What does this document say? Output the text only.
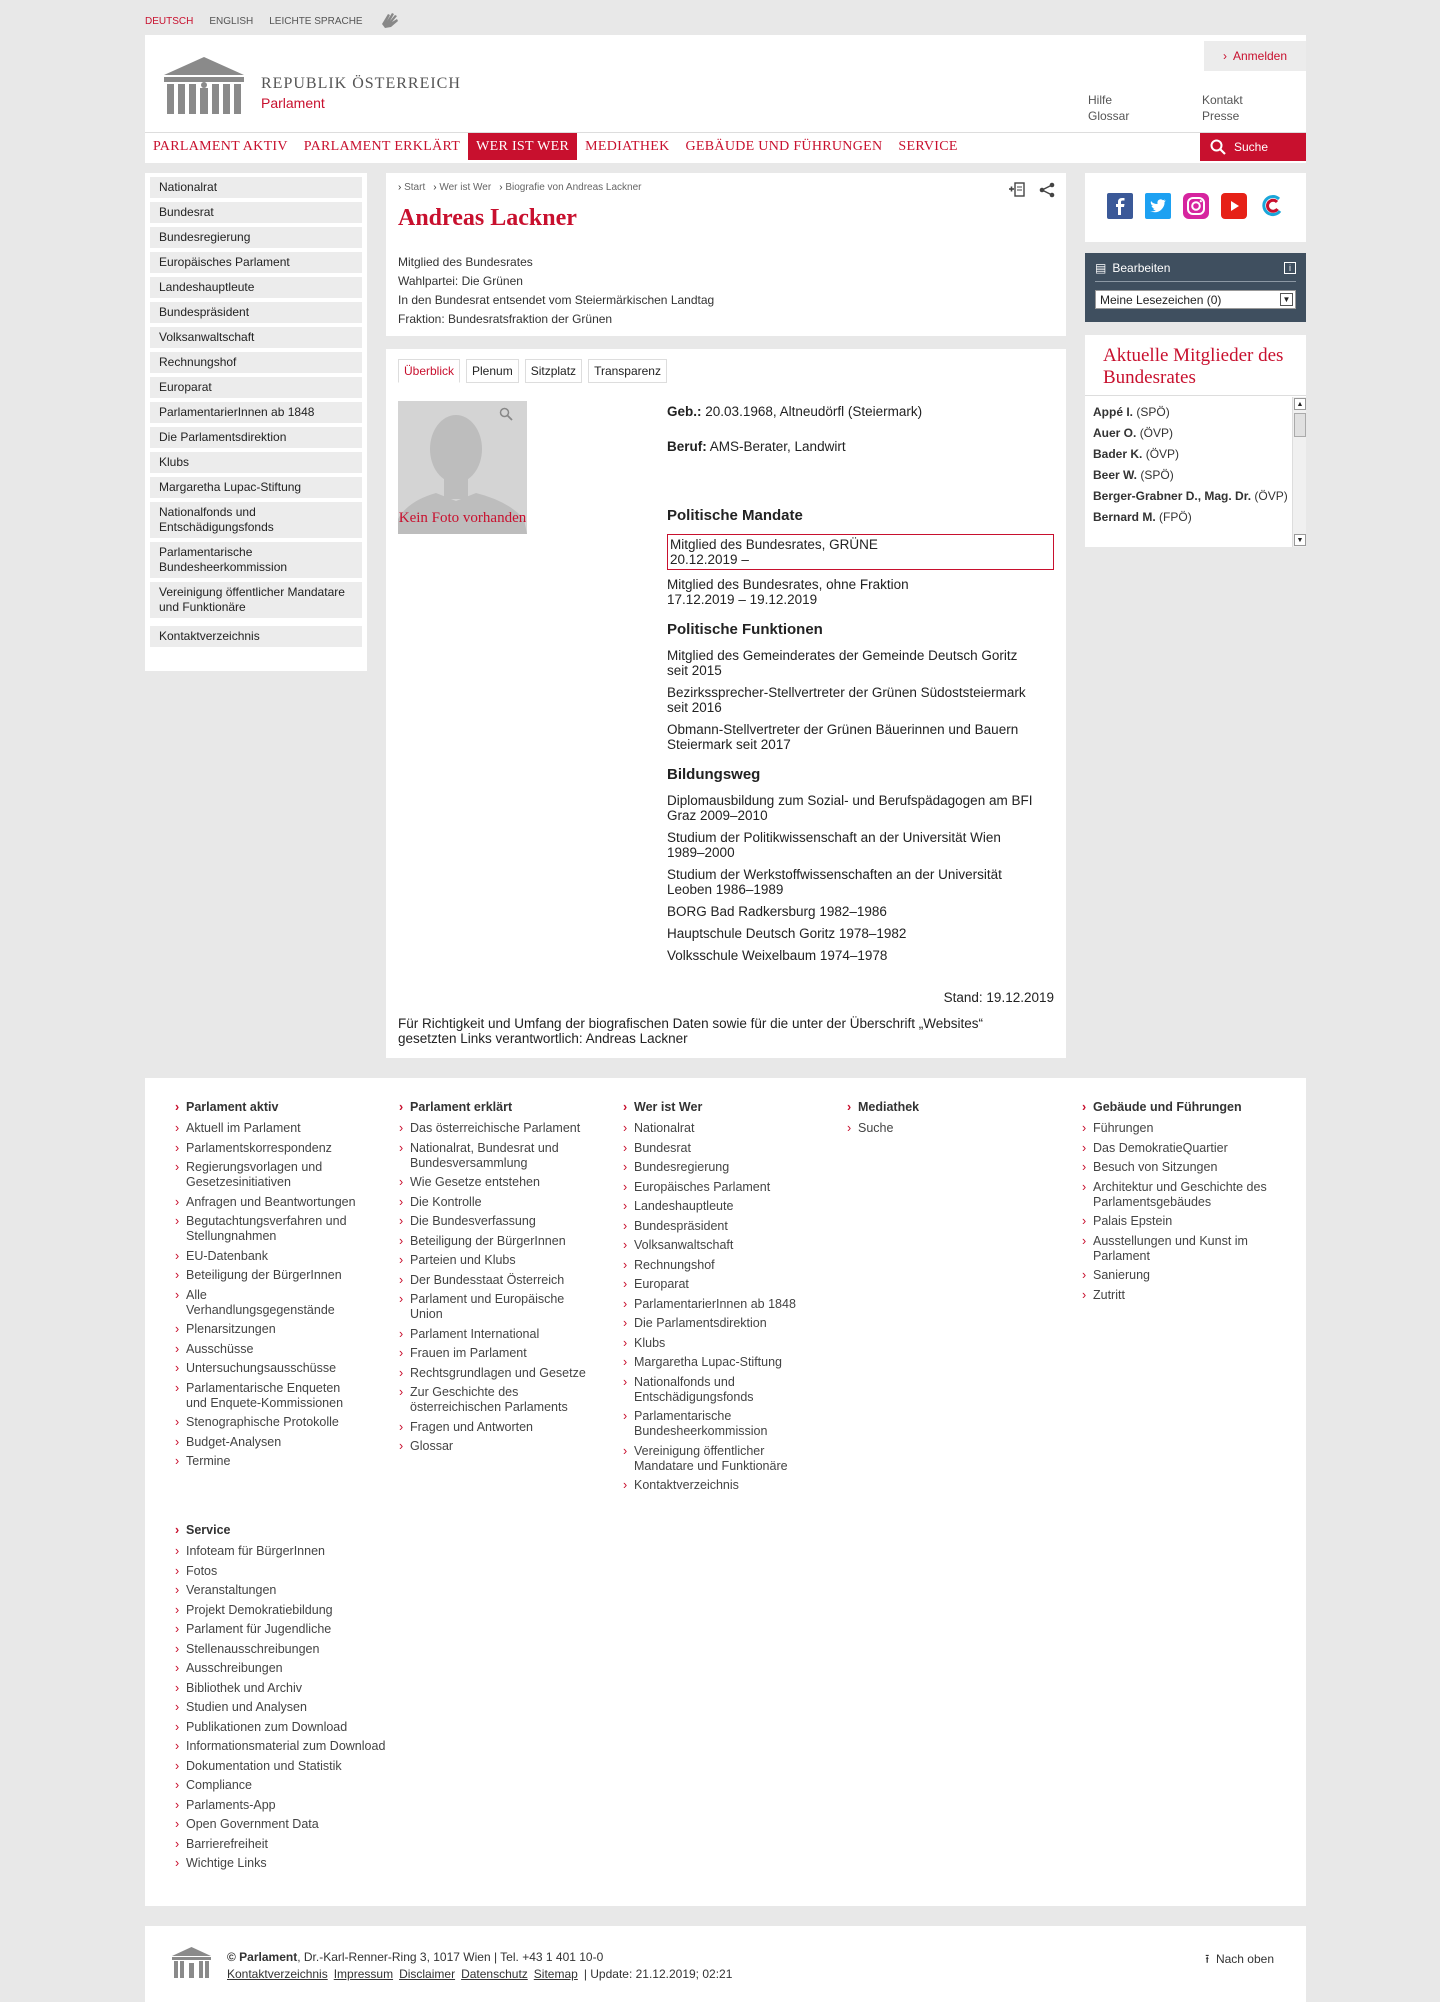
DEUTSCH ENGLISH LEICHTE SPRACHE
REPUBLIK ÖSTERREICH
Parlament
› Anmelden
Hilfe
Glossar
Kontakt
Presse
PARLAMENT AKTIV	PARLAMENT ERKLÄRT	WER IST WER	MEDIATHEK	GEBÄUDE UND FÜHRUNGEN	SERVICE	Suche
Nationalrat
Bundesrat
Bundesregierung
Europäisches Parlament
Landeshauptleute
Bundespräsident
Volksanwaltschaft
Rechnungshof
Europarat
ParlamentarierInnen ab 1848
Die Parlamentsdirektion
Klubs
Margaretha Lupac-Stiftung
Nationalfonds und Entschädigungsfonds
Parlamentarische Bundesheerkommission
Vereinigung öffentlicher Mandatare und Funktionäre
Kontaktverzeichnis
› Start	› Wer ist Wer	› Biografie von Andreas Lackner
Andreas Lackner
Mitglied des Bundesrates
Wahlpartei: Die Grünen
In den Bundesrat entsendet vom Steiermärkischen Landtag
Fraktion: Bundesratsfraktion der Grünen
Überblick	Plenum	Sitzplatz	Transparenz
Kein Foto vorhanden
Geb.: 20.03.1968, Altneudörfl (Steiermark)
Beruf: AMS-Berater, Landwirt
Politische Mandate
Mitglied des Bundesrates, GRÜNE
20.12.2019 –
Mitglied des Bundesrates, ohne Fraktion
17.12.2019 – 19.12.2019
Politische Funktionen
Mitglied des Gemeinderates der Gemeinde Deutsch Goritz
seit 2015
Bezirkssprecher-Stellvertreter der Grünen Südoststeiermark
seit 2016
Obmann-Stellvertreter der Grünen Bäuerinnen und Bauern
Steiermark seit 2017
Bildungsweg
Diplomausbildung zum Sozial- und Berufspädagogen am BFI
Graz 2009–2010
Studium der Politikwissenschaft an der Universität Wien
1989–2000
Studium der Werkstoffwissenschaften an der Universität
Leoben 1986–1989
BORG Bad Radkersburg 1982–1986
Hauptschule Deutsch Goritz 1978–1982
Volksschule Weixelbaum 1974–1978
Stand: 19.12.2019
Für Richtigkeit und Umfang der biografischen Daten sowie für die unter der Überschrift „Websites“ gesetzten Links verantwortlich: Andreas Lackner
▤ Bearbeiten	i
Meine Lesezeichen (0)	▼
Aktuelle Mitglieder des Bundesrates
Appé I. (SPÖ)
Auer O. (ÖVP)
Bader K. (ÖVP)
Beer W. (SPÖ)
Berger-Grabner D., Mag. Dr. (ÖVP)
Bernard M. (FPÖ)
▲
▼
› Parlament aktiv
› Aktuell im Parlament
› Parlamentskorrespondenz
› Regierungsvorlagen und Gesetzesinitiativen
› Anfragen und Beantwortungen
› Begutachtungsverfahren und Stellungnahmen
› EU-Datenbank
› Beteiligung der BürgerInnen
› Alle Verhandlungsgegenstände
› Plenarsitzungen
› Ausschüsse
› Untersuchungsausschüsse
› Parlamentarische Enqueten und Enquete-Kommissionen
› Stenographische Protokolle
› Budget-Analysen
› Termine
› Parlament erklärt
› Das österreichische Parlament
› Nationalrat, Bundesrat und Bundesversammlung
› Wie Gesetze entstehen
› Die Kontrolle
› Die Bundesverfassung
› Beteiligung der BürgerInnen
› Parteien und Klubs
› Der Bundesstaat Österreich
› Parlament und Europäische Union
› Parlament International
› Frauen im Parlament
› Rechtsgrundlagen und Gesetze
› Zur Geschichte des österreichischen Parlaments
› Fragen und Antworten
› Glossar
› Wer ist Wer
› Nationalrat
› Bundesrat
› Bundesregierung
› Europäisches Parlament
› Landeshauptleute
› Bundespräsident
› Volksanwaltschaft
› Rechnungshof
› Europarat
› ParlamentarierInnen ab 1848
› Die Parlamentsdirektion
› Klubs
› Margaretha Lupac-Stiftung
› Nationalfonds und Entschädigungsfonds
› Parlamentarische Bundesheerkommission
› Vereinigung öffentlicher Mandatare und Funktionäre
› Kontaktverzeichnis
› Mediathek
› Suche
› Gebäude und Führungen
› Führungen
› Das DemokratieQuartier
› Besuch von Sitzungen
› Architektur und Geschichte des Parlamentsgebäudes
› Palais Epstein
› Ausstellungen und Kunst im Parlament
› Sanierung
› Zutritt
› Service
› Infoteam für BürgerInnen
› Fotos
› Veranstaltungen
› Projekt Demokratiebildung
› Parlament für Jugendliche
› Stellenausschreibungen
› Ausschreibungen
› Bibliothek und Archiv
› Studien und Analysen
› Publikationen zum Download
› Informationsmaterial zum Download
› Dokumentation und Statistik
› Compliance
› Parlaments-App
› Open Government Data
› Barrierefreiheit
› Wichtige Links
© Parlament, Dr.-Karl-Renner-Ring 3, 1017 Wien | Tel. +43 1 401 10-0
Kontaktverzeichnis Impressum Disclaimer Datenschutz Sitemap | Update: 21.12.2019; 02:21
⭱ Nach oben
